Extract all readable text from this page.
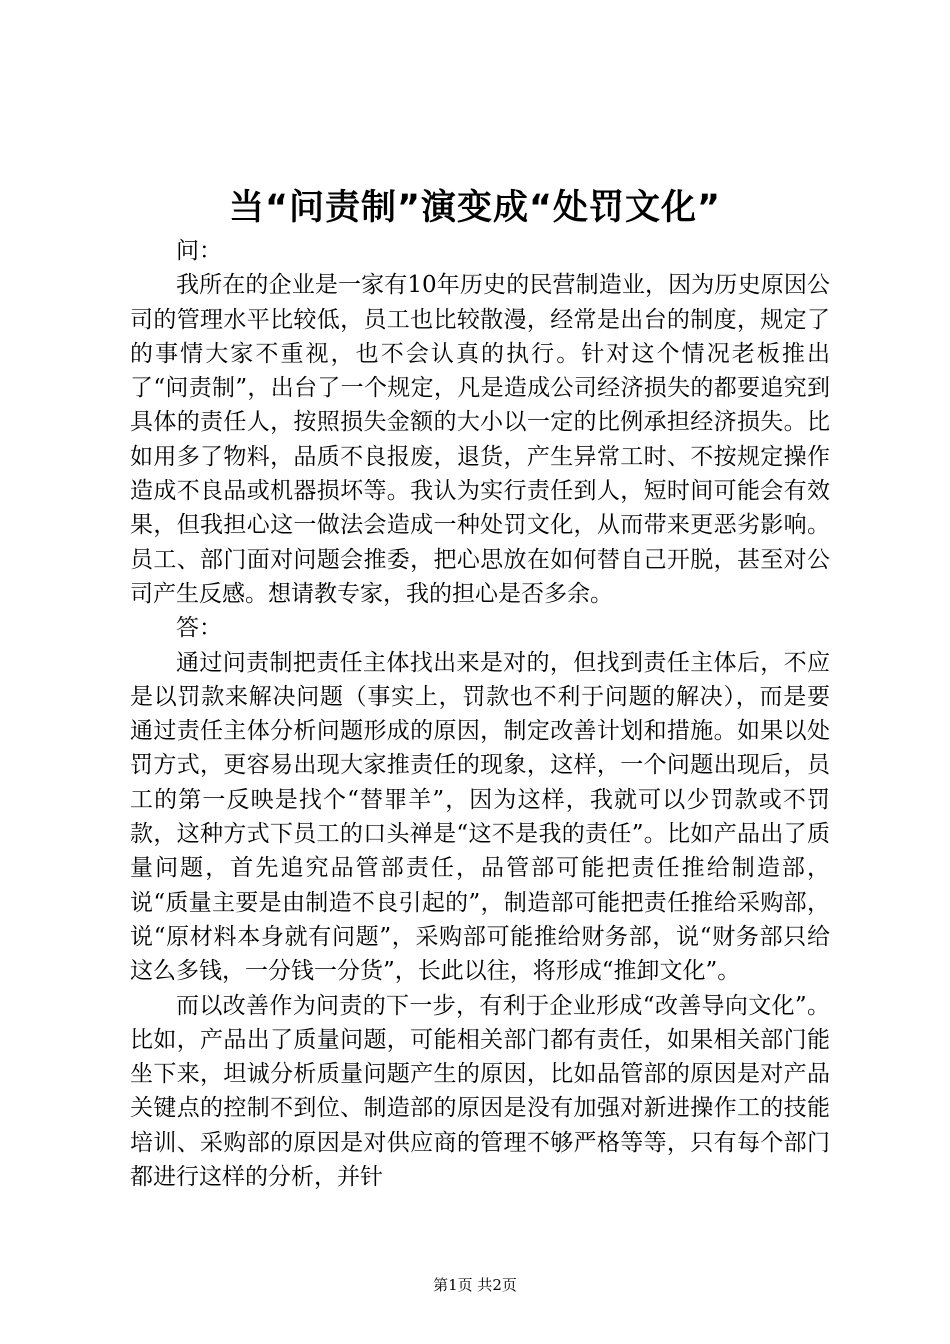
当“问责制”演变成“处罚文化”

问：

我所在的企业是一家有10年历史的民营制造业，因为历史原因公司的管理水平比较低，员工也比较散漫，经常是出台的制度，规定了的事情大家不重视，也不会认真的执行。针对这个情况老板推出了“问责制”，出台了一个规定，凡是造成公司经济损失的都要追究到具体的责任人，按照损失金额的大小以一定的比例承担经济损失。比如用多了物料，品质不良报废，退货，产生异常工时、不按规定操作造成不良品或机器损坏等。我认为实行责任到人，短时间可能会有效果，但我担心这一做法会造成一种处罚文化，从而带来更恶劣影响。员工、部门面对问题会推委，把心思放在如何替自己开脱，甚至对公司产生反感。想请教专家，我的担心是否多余。

答：

通过问责制把责任主体找出来是对的，但找到责任主体后，不应是以罚款来解决问题（事实上，罚款也不利于问题的解决），而是要通过责任主体分析问题形成的原因，制定改善计划和措施。如果以处罚方式，更容易出现大家推责任的现象，这样，一个问题出现后，员工的第一反映是找个“替罪羊”，因为这样，我就可以少罚款或不罚款，这种方式下员工的口头禅是“这不是我的责任”。比如产品出了质量问题，首先追究品管部责任，品管部可能把责任推给制造部，说“质量主要是由制造不良引起的”，制造部可能把责任推给采购部，说“原材料本身就有问题”，采购部可能推给财务部，说“财务部只给这么多钱，一分钱一分货”，长此以往，将形成“推卸文化”。

而以改善作为问责的下一步，有利于企业形成“改善导向文化”。比如，产品出了质量问题，可能相关部门都有责任，如果相关部门能坐下来，坦诚分析质量问题产生的原因，比如品管部的原因是对产品关键点的控制不到位、制造部的原因是没有加强对新进操作工的技能培训、采购部的原因是对供应商的管理不够严格等等，只有每个部门都进行这样的分析，并针

第1页 共2页
